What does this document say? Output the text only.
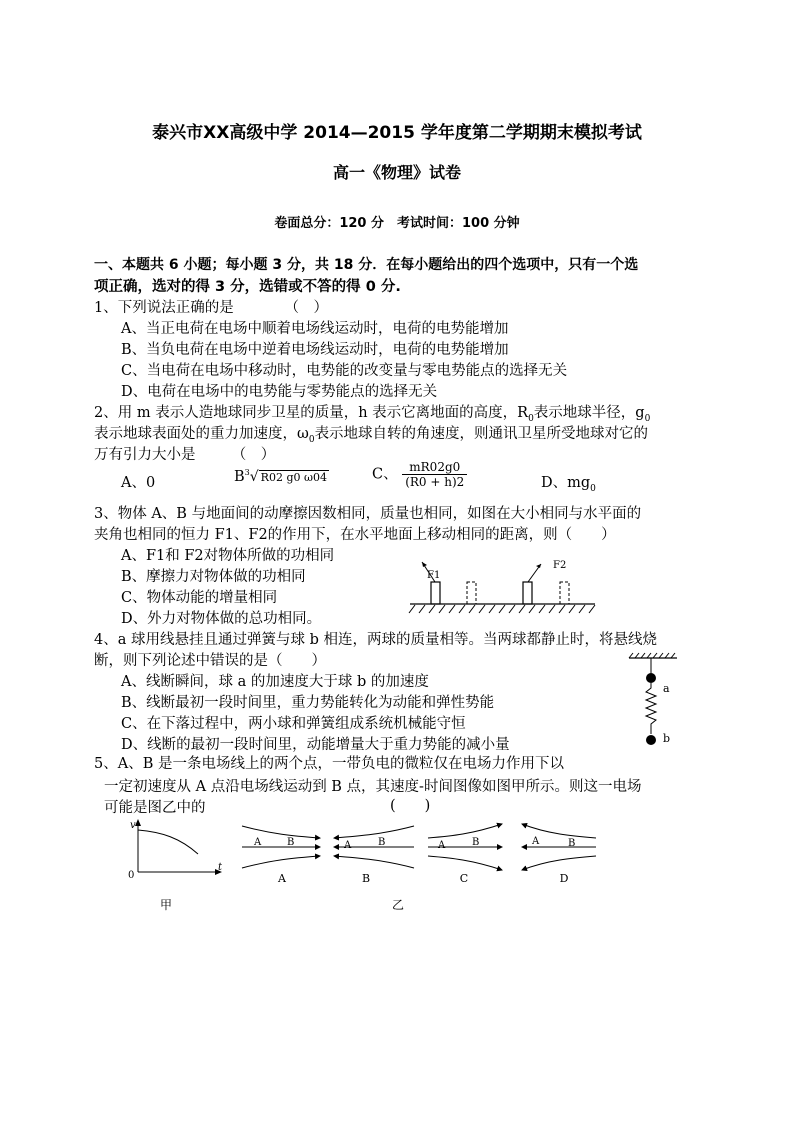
泰兴市XX高级中学 2014—2015 学年度第二学期期末模拟考试
高一《物理》试卷
卷面总分：120 分　考试时间：100 分钟
一、本题共 6 小题；每小题 3 分，共 18 分．在每小题给出的四个选项中，只有一个选
项正确，选对的得 3 分，选错或不答的得 0 分.
1、下列说法正确的是　　　　（　）
A、当正电荷在电场中顺着电场线运动时，电荷的电势能增加
B、当负电荷在电场中逆着电场线运动时，电荷的电势能增加
C、当电荷在电场中移动时，电势能的改变量与零电势能点的选择无关
D、电荷在电场中的电势能与零势能点的选择无关
2、用 m 表示人造地球同步卫星的质量，h 表示它离地面的高度，$R_0$表示地球半径，$g_0$
表示地球表面处的重力加速度，$\omega_0$表示地球自转的角速度，则通讯卫星所受地球对它的
万有引力大小是　　　（　）
A、0	$B^3√$ R02 g0 ω04	C、 $\frac{mR02g0}{(R0 + h)2}$	D、$mg_0$
3、物体 A、B 与地面间的动摩擦因数相同，质量也相同，如图在大小相同与水平面的
夹角也相同的恒力 F1、F2的作用下，在水平地面上移动相同的距离，则（　　）
A、F1和 F2对物体所做的功相同
B、摩擦力对物体做的功相同
C、物体动能的增量相同
D、外力对物体做的总功相同。
F1
F2
4、a 球用线悬挂且通过弹簧与球 b 相连，两球的质量相等。当两球都静止时，将悬线烧
断，则下列论述中错误的是（　　）
A、线断瞬间，球 a 的加速度大于球 b 的加速度
B、线断最初一段时间里，重力势能转化为动能和弹性势能
C、在下落过程中，两小球和弹簧组成系统机械能守恒
D、线断的最初一段时间里，动能增量大于重力势能的减小量
a
b
5、A、B 是一条电场线上的两个点，一带负电的微粒仅在电场力作用下以
一定初速度从 A 点沿电场线运动到 B 点，其速度-时间图像如图甲所示。则这一电场
可能是图乙中的	(　　)
v
t
0
A	B	A	B	A	B	A	B
A	B	C	D
甲	乙
